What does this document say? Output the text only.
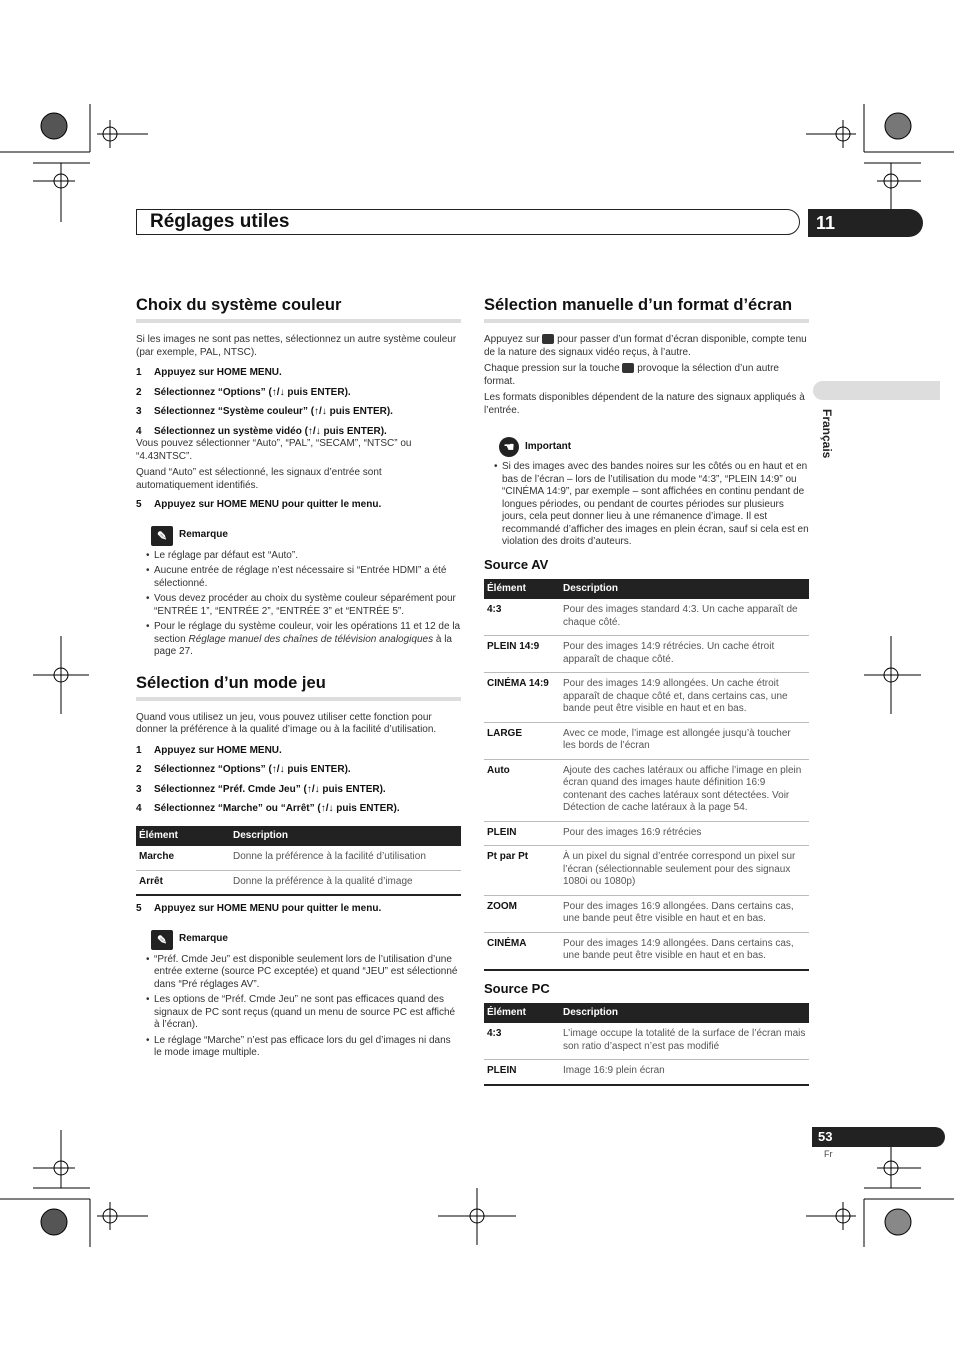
Réglages utiles	11
Français
53
Fr
Choix du système couleur

Si les images ne sont pas nettes, sélectionnez un autre système couleur (par exemple, PAL, NTSC).

1	Appuyez sur HOME MENU.
2	Sélectionnez “Options” (↑/↓ puis ENTER).
3	Sélectionnez “Système couleur” (↑/↓ puis ENTER).
4	Sélectionnez un système vidéo (↑/↓ puis ENTER).

Vous pouvez sélectionner “Auto”, “PAL”, “SECAM”, “NTSC” ou “4.43NTSC”.

Quand “Auto” est sélectionné, les signaux d’entrée sont automatiquement identifiés.

5	Appuyez sur HOME MENU pour quitter le menu.
✎	Remarque
• Le réglage par défaut est “Auto”.
• Aucune entrée de réglage n’est nécessaire si “Entrée HDMI” a été sélectionné.
• Vous devez procéder au choix du système couleur séparément pour “ENTRÉE 1”, “ENTRÉE 2”, “ENTRÉE 3” et “ENTRÉE 5”.
• Pour le réglage du système couleur, voir les opérations 11 et 12 de la section Réglage manuel des chaînes de télévision analogiques à la page 27.
Sélection d’un mode jeu

Quand vous utilisez un jeu, vous pouvez utiliser cette fonction pour donner la préférence à la qualité d’image ou à la facilité d’utilisation.

1	Appuyez sur HOME MENU.
2	Sélectionnez “Options” (↑/↓ puis ENTER).
3	Sélectionnez “Préf. Cmde Jeu” (↑/↓ puis ENTER).
4	Sélectionnez “Marche” ou “Arrêt” (↑/↓ puis ENTER).
Élément	Description
Marche	Donne la préférence à la facilité d’utilisation
Arrêt	Donne la préférence à la qualité d’image
5	Appuyez sur HOME MENU pour quitter le menu.
✎	Remarque
• “Préf. Cmde Jeu” est disponible seulement lors de l’utilisation d’une entrée externe (source PC exceptée) et quand “JEU” est sélectionné dans “Pré réglages AV”.
• Les options de “Préf. Cmde Jeu” ne sont pas efficaces quand des signaux de PC sont reçus (quand un menu de source PC est affiché à l’écran).
• Le réglage “Marche” n’est pas efficace lors du gel d’images ni dans le mode image multiple.
Sélection manuelle d’un format d’écran

Appuyez sur  pour passer d’un format d’écran disponible, compte tenu de la nature des signaux vidéo reçus, à l’autre.

Chaque pression sur la touche  provoque la sélection d’un autre format.

Les formats disponibles dépendent de la nature des signaux appliqués à l’entrée.

☚	Important
• Si des images avec des bandes noires sur les côtés ou en haut et en bas de l’écran – lors de l’utilisation du mode “4:3”, “PLEIN 14:9” ou “CINÉMA 14:9”, par exemple – sont affichées en continu pendant de longues périodes, ou pendant de courtes périodes sur plusieurs jours, cela peut donner lieu à une rémanence d’image. Il est recommandé d’afficher des images en plein écran, sauf si cela est en violation des droits d’auteurs.
Source AV
Élément	Description
4:3	Pour des images standard 4:3. Un cache apparaît de chaque côté.
PLEIN 14:9	Pour des images 14:9 rétrécies. Un cache étroit apparaît de chaque côté.
CINÉMA 14:9	Pour des images 14:9 allongées. Un cache étroit apparaît de chaque côté et, dans certains cas, une bande peut être visible en haut et en bas.
LARGE	Avec ce mode, l’image est allongée jusqu’à toucher les bords de l’écran
Auto	Ajoute des caches latéraux ou affiche l’image en plein écran quand des images haute définition 16:9 contenant des caches latéraux sont détectées. Voir Détection de cache latéraux à la page 54.
PLEIN	Pour des images 16:9 rétrécies
Pt par Pt	À un pixel du signal d’entrée correspond un pixel sur l’écran (sélectionnable seulement pour des signaux 1080i ou 1080p)
ZOOM	Pour des images 16:9 allongées. Dans certains cas, une bande peut être visible en haut et en bas.
CINÉMA	Pour des images 14:9 allongées. Dans certains cas, une bande peut être visible en haut et en bas.
Source PC
Élément	Description
4:3	L’image occupe la totalité de la surface de l’écran mais son ratio d’aspect n’est pas modifié
PLEIN	Image 16:9 plein écran
